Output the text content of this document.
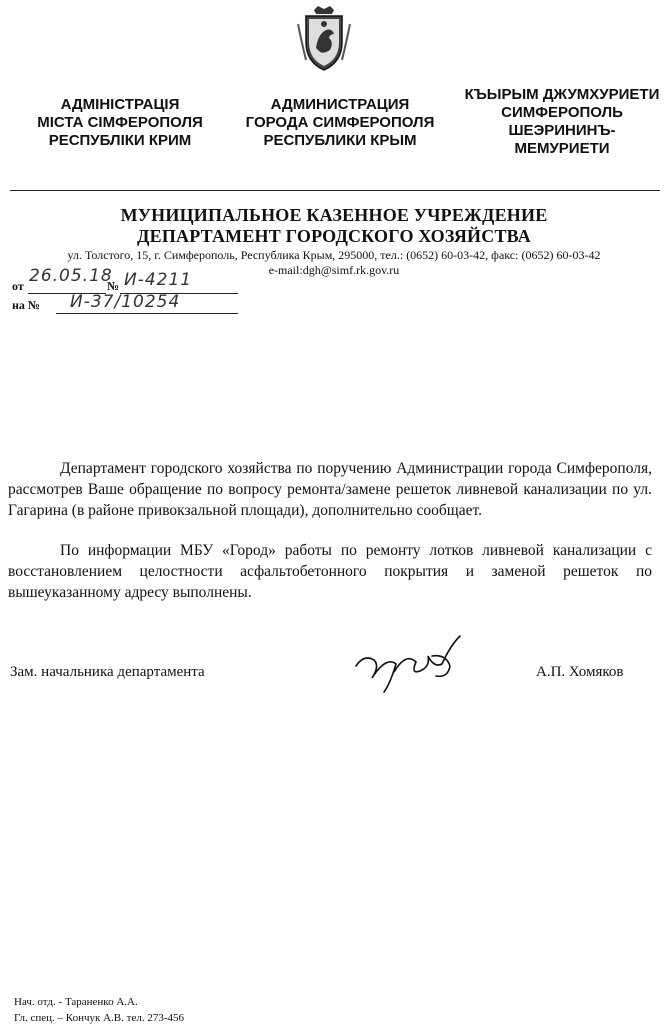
АДМІНІСТРАЦІЯ
МІСТА СІМФЕРОПОЛЯ
РЕСПУБЛІКИ КРИМ
АДМИНИСТРАЦИЯ
ГОРОДА СИМФЕРОПОЛЯ
РЕСПУБЛИКИ КРЫМ
КЪЫРЫМ ДЖУМХУРИЕТИ
СИМФЕРОПОЛЬ
ШЕЭРИНИНЪ-
МЕМУРИЕТИ
МУНИЦИПАЛЬНОЕ КАЗЕННОЕ УЧРЕЖДЕНИЕ
ДЕПАРТАМЕНТ ГОРОДСКОГО ХОЗЯЙСТВА
ул. Толстого, 15, г. Симферополь, Республика Крым, 295000, тел.: (0652) 60-03-42, факс: (0652) 60-03-42
e-mail:dgh@simf.rk.gov.ru
от 26.05.18
№ И-4211
на № И-37/10254
Департамент городского хозяйства по поручению Администрации города Симферополя, рассмотрев Ваше обращение по вопросу ремонта/замене решеток ливневой канализации по ул. Гагарина (в районе привокзальной площади), дополнительно сообщает.
По информации МБУ «Город» работы по ремонту лотков ливневой канализации с восстановлением целостности асфальтобетонного покрытия и заменой решеток по вышеуказанному адресу выполнены.
Зам. начальника департамента	А.П. Хомяков
Нач. отд. - Тараненко А.А.
Гл. спец. – Кончук А.В. тел. 273-456
